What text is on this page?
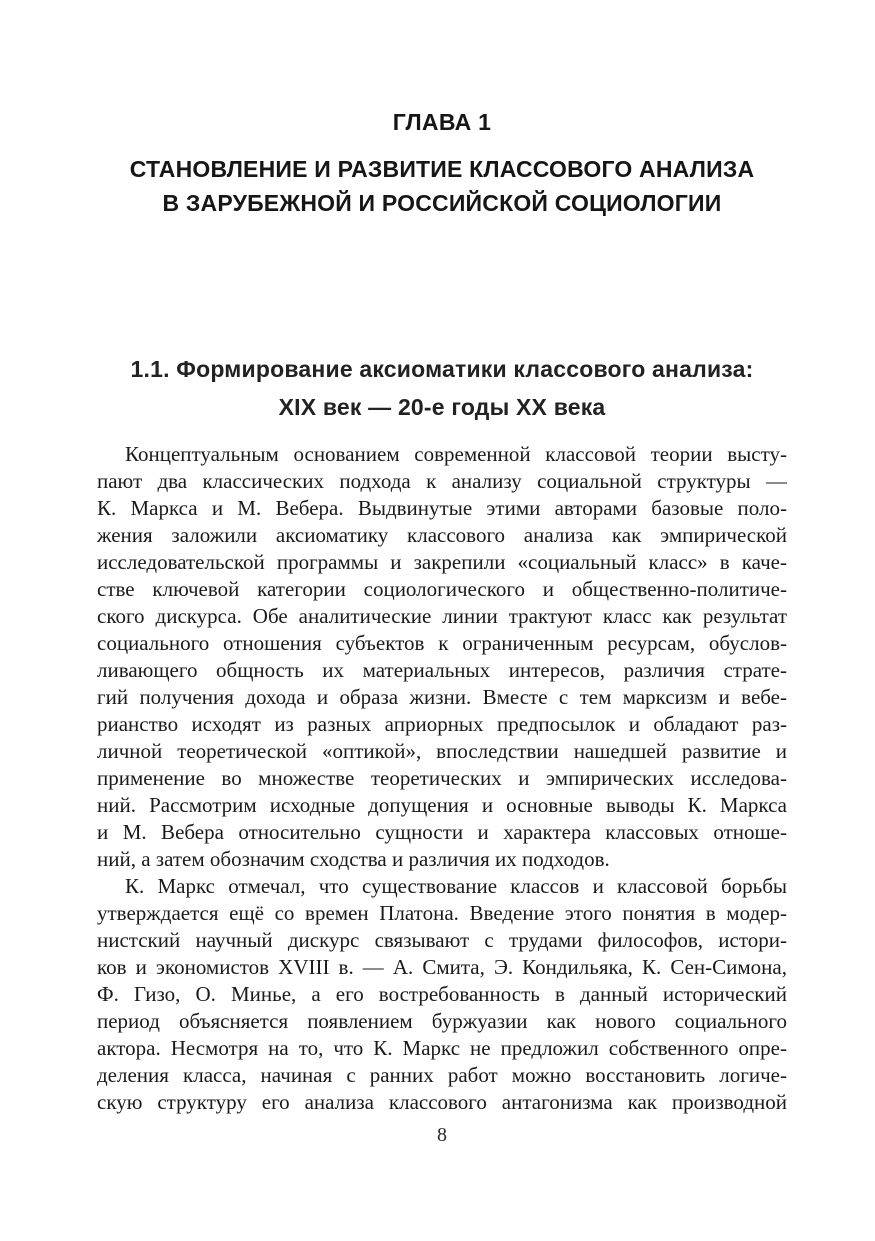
ГЛАВА 1
СТАНОВЛЕНИЕ И РАЗВИТИЕ КЛАССОВОГО АНАЛИЗА
В ЗАРУБЕЖНОЙ И РОССИЙСКОЙ СОЦИОЛОГИИ
1.1. Формирование аксиоматики классового анализа:
XIX век — 20-е годы XX века
Концептуальным основанием современной классовой теории высту-
пают два классических подхода к анализу социальной структуры —
К. Маркса и М. Вебера. Выдвинутые этими авторами базовые поло-
жения заложили аксиоматику классового анализа как эмпирической
исследовательской программы и закрепили «социальный класс» в каче-
стве ключевой категории социологического и общественно-политиче-
ского дискурса. Обе аналитические линии трактуют класс как результат
социального отношения субъектов к ограниченным ресурсам, обуслов-
ливающего общность их материальных интересов, различия страте-
гий получения дохода и образа жизни. Вместе с тем марксизм и вебе-
рианство исходят из разных априорных предпосылок и обладают раз-
личной теоретической «оптикой», впоследствии нашедшей развитие и
применение во множестве теоретических и эмпирических исследова-
ний. Рассмотрим исходные допущения и основные выводы К. Маркса
и М. Вебера относительно сущности и характера классовых отноше-
ний, а затем обозначим сходства и различия их подходов.
К. Маркс отмечал, что существование классов и классовой борьбы
утверждается ещё со времен Платона. Введение этого понятия в модер-
нистский научный дискурс связывают с трудами философов, истори-
ков и экономистов XVIII в. — А. Смита, Э. Кондильяка, К. Сен-Симона,
Ф. Гизо, О. Минье, а его востребованность в данный исторический
период объясняется появлением буржуазии как нового социального
актора. Несмотря на то, что К. Маркс не предложил собственного опре-
деления класса, начиная с ранних работ можно восстановить логиче-
скую структуру его анализа классового антагонизма как производной
8
